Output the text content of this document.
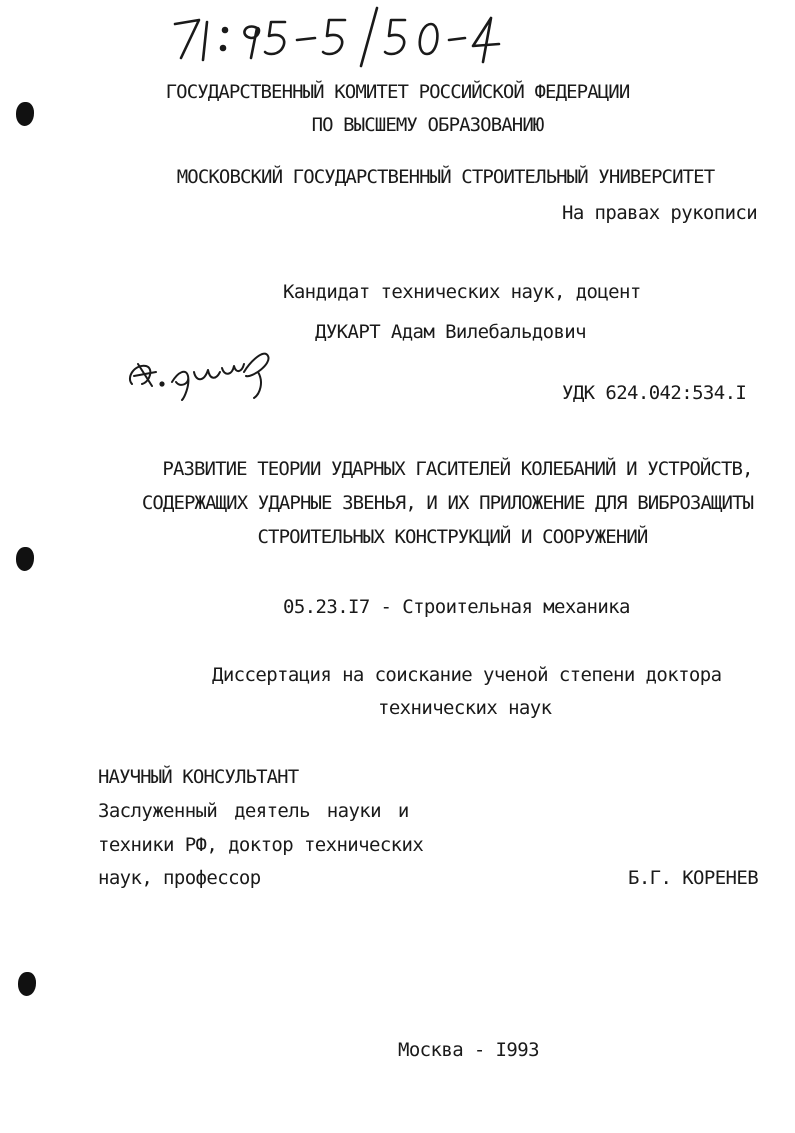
ГОСУДАРСТВЕННЫЙ КОМИТЕТ РОССИЙСКОЙ ФЕДЕРАЦИИ
ПО ВЫСШЕМУ ОБРАЗОВАНИЮ
МОСКОВСКИЙ ГОСУДАРСТВЕННЫЙ СТРОИТЕЛЬНЫЙ УНИВЕРСИТЕТ
На правах рукописи
Кандидат технических наук, доцент
ДУКАРТ Адам Вилебальдович
УДК 624.042:534.I
РАЗВИТИЕ ТЕОРИИ УДАРНЫХ ГАСИТЕЛЕЙ КОЛЕБАНИЙ И УСТРОЙСТВ,
СОДЕРЖАЩИХ УДАРНЫЕ ЗВЕНЬЯ, И ИХ ПРИЛОЖЕНИЕ ДЛЯ ВИБРОЗАЩИТЫ
СТРОИТЕЛЬНЫХ КОНСТРУКЦИЙ И СООРУЖЕНИЙ
05.23.I7 - Строительная механика
Диссертация на соискание ученой степени доктора
технических наук
НАУЧНЫЙ КОНСУЛЬТАНТ
Заслуженный деятель науки и
техники РФ, доктор технических
наук, профессор	Б.Г. КОРЕНЕВ
Москва - I993
